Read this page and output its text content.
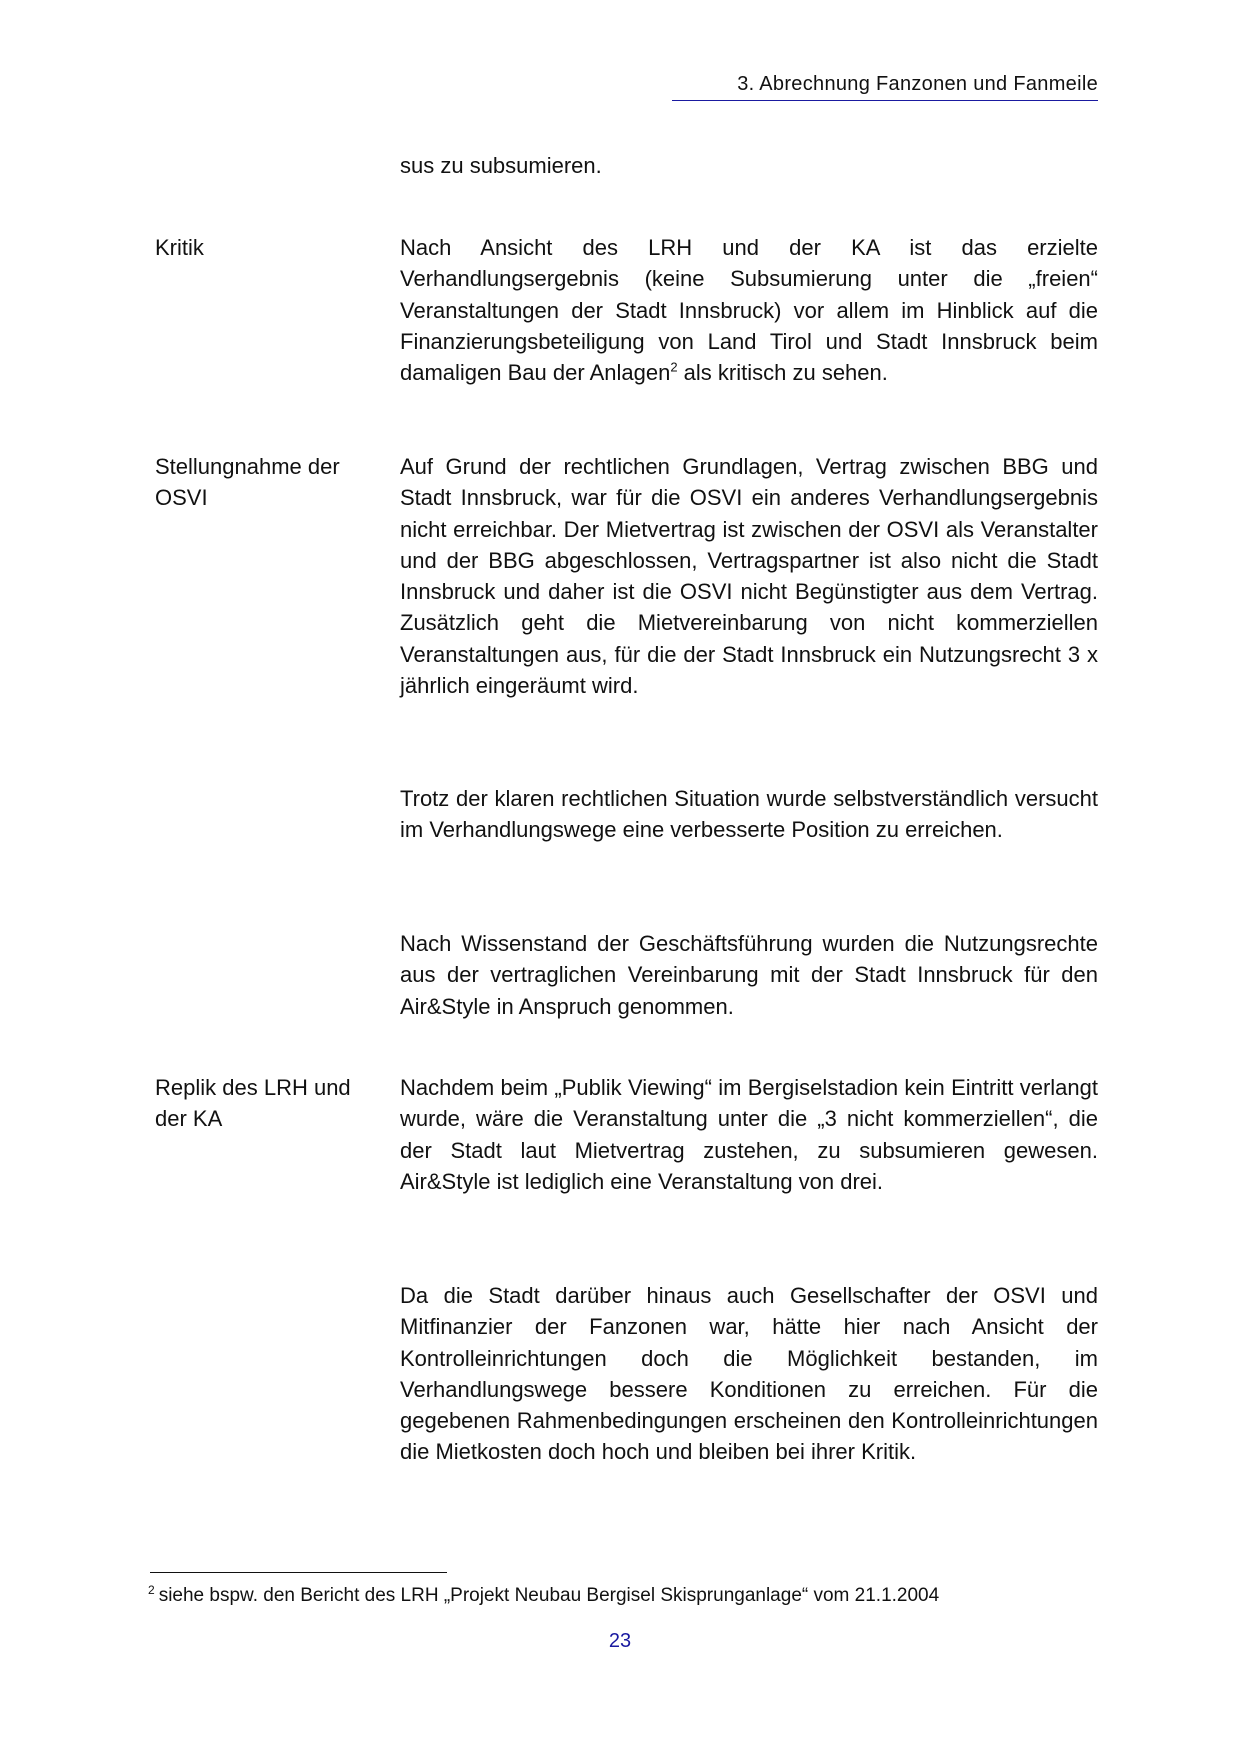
3. Abrechnung Fanzonen und Fanmeile
sus zu subsumieren.
Kritik	Nach Ansicht des LRH und der KA ist das erzielte Verhandlungsergebnis (keine Subsumierung unter die „freien“ Veranstaltungen der Stadt Innsbruck) vor allem im Hinblick auf die Finanzierungsbeteiligung von Land Tirol und Stadt Innsbruck beim damaligen Bau der Anlagen$^2$ als kritisch zu sehen.
Stellungnahme der OSVI
Auf Grund der rechtlichen Grundlagen, Vertrag zwischen BBG und Stadt Innsbruck, war für die OSVI ein anderes Verhandlungsergebnis nicht erreichbar. Der Mietvertrag ist zwischen der OSVI als Veranstalter und der BBG abgeschlossen, Vertragspartner ist also nicht die Stadt Innsbruck und daher ist die OSVI nicht Begünstigter aus dem Vertrag. Zusätzlich geht die Mietvereinbarung von nicht kommerziellen Veranstaltungen aus, für die der Stadt Innsbruck ein Nutzungsrecht 3 x jährlich eingeräumt wird.
Trotz der klaren rechtlichen Situation wurde selbstverständlich versucht im Verhandlungswege eine verbesserte Position zu erreichen.
Nach Wissenstand der Geschäftsführung wurden die Nutzungsrechte aus der vertraglichen Vereinbarung mit der Stadt Innsbruck für den Air&Style in Anspruch genommen.
Replik des LRH und der KA
Nachdem beim „Publik Viewing“ im Bergiselstadion kein Eintritt verlangt wurde, wäre die Veranstaltung unter die „3 nicht kommerziellen“, die der Stadt laut Mietvertrag zustehen, zu subsumieren gewesen. Air&Style ist lediglich eine Veranstaltung von drei.
Da die Stadt darüber hinaus auch Gesellschafter der OSVI und Mitfinanzier der Fanzonen war, hätte hier nach Ansicht der Kontrolleinrichtungen doch die Möglichkeit bestanden, im Verhandlungswege bessere Konditionen zu erreichen. Für die gegebenen Rahmenbedingungen erscheinen den Kontrolleinrichtungen die Mietkosten doch hoch und bleiben bei ihrer Kritik.
$^2$ siehe bspw. den Bericht des LRH „Projekt Neubau Bergisel Skisprunganlage“ vom 21.1.2004
23
